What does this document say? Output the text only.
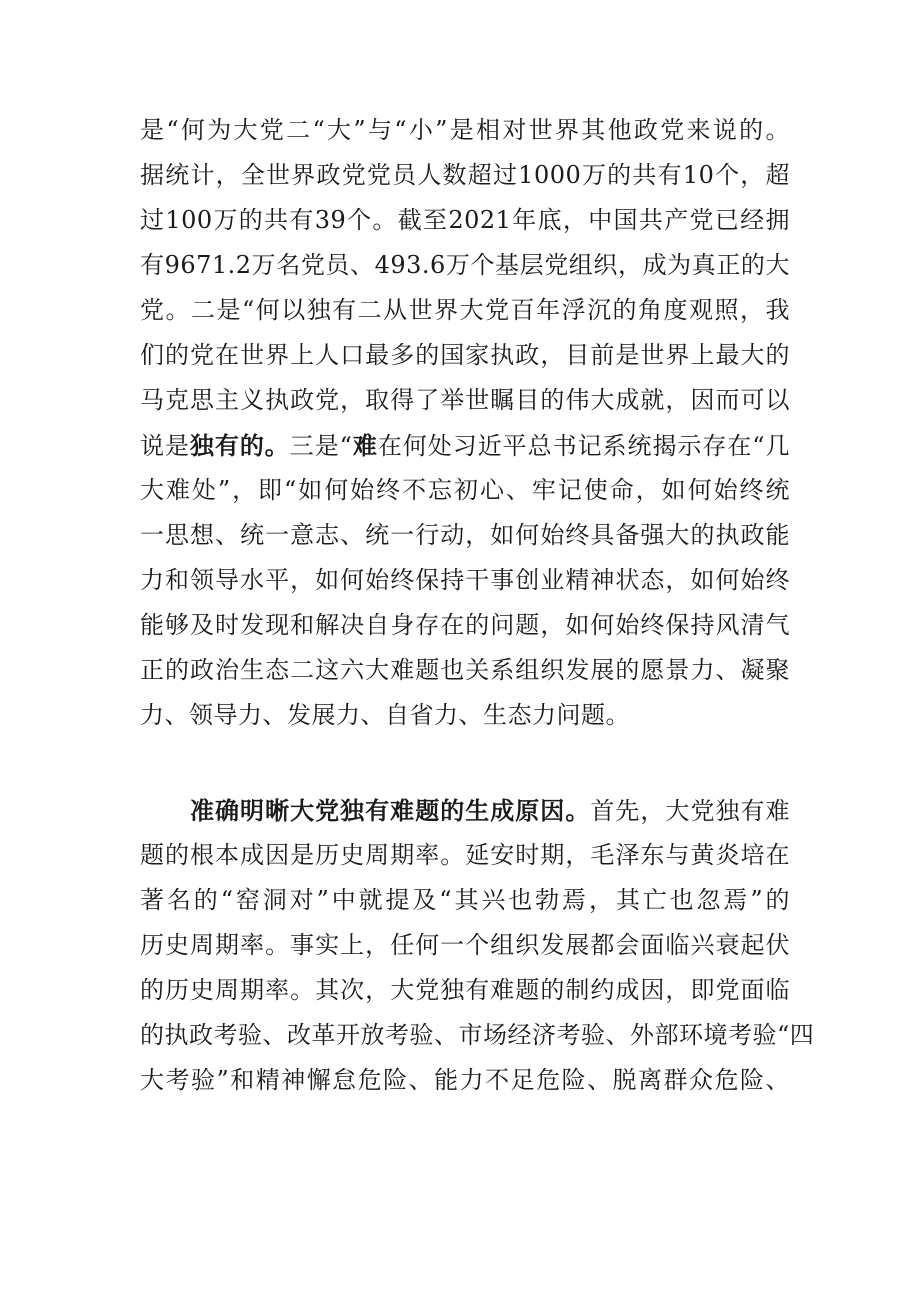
是“何为大党二“大”与“小”是相对世界其他政党来说的。
据统计，全世界政党党员人数超过1000万的共有10个，超
过100万的共有39个。截至2021年底，中国共产党已经拥
有9671.2万名党员、493.6万个基层党组织，成为真正的大
党。二是“何以独有二从世界大党百年浮沉的角度观照，我
们的党在世界上人口最多的国家执政，目前是世界上最大的
马克思主义执政党，取得了举世瞩目的伟大成就，因而可以
说是独有的。三是“难在何处习近平总书记系统揭示存在“几
大难处”，即“如何始终不忘初心、牢记使命，如何始终统
一思想、统一意志、统一行动，如何始终具备强大的执政能
力和领导水平，如何始终保持干事创业精神状态，如何始终
能够及时发现和解决自身存在的问题，如何始终保持风清气
正的政治生态二这六大难题也关系组织发展的愿景力、凝聚
力、领导力、发展力、自省力、生态力问题。
准确明晰大党独有难题的生成原因。首先，大党独有难
题的根本成因是历史周期率。延安时期，毛泽东与黄炎培在
著名的“窑洞对”中就提及“其兴也勃焉，其亡也忽焉”的
历史周期率。事实上，任何一个组织发展都会面临兴衰起伏
的历史周期率。其次，大党独有难题的制约成因，即党面临
的执政考验、改革开放考验、市场经济考验、外部环境考验“四
大考验”和精神懈怠危险、能力不足危险、脱离群众危险、
